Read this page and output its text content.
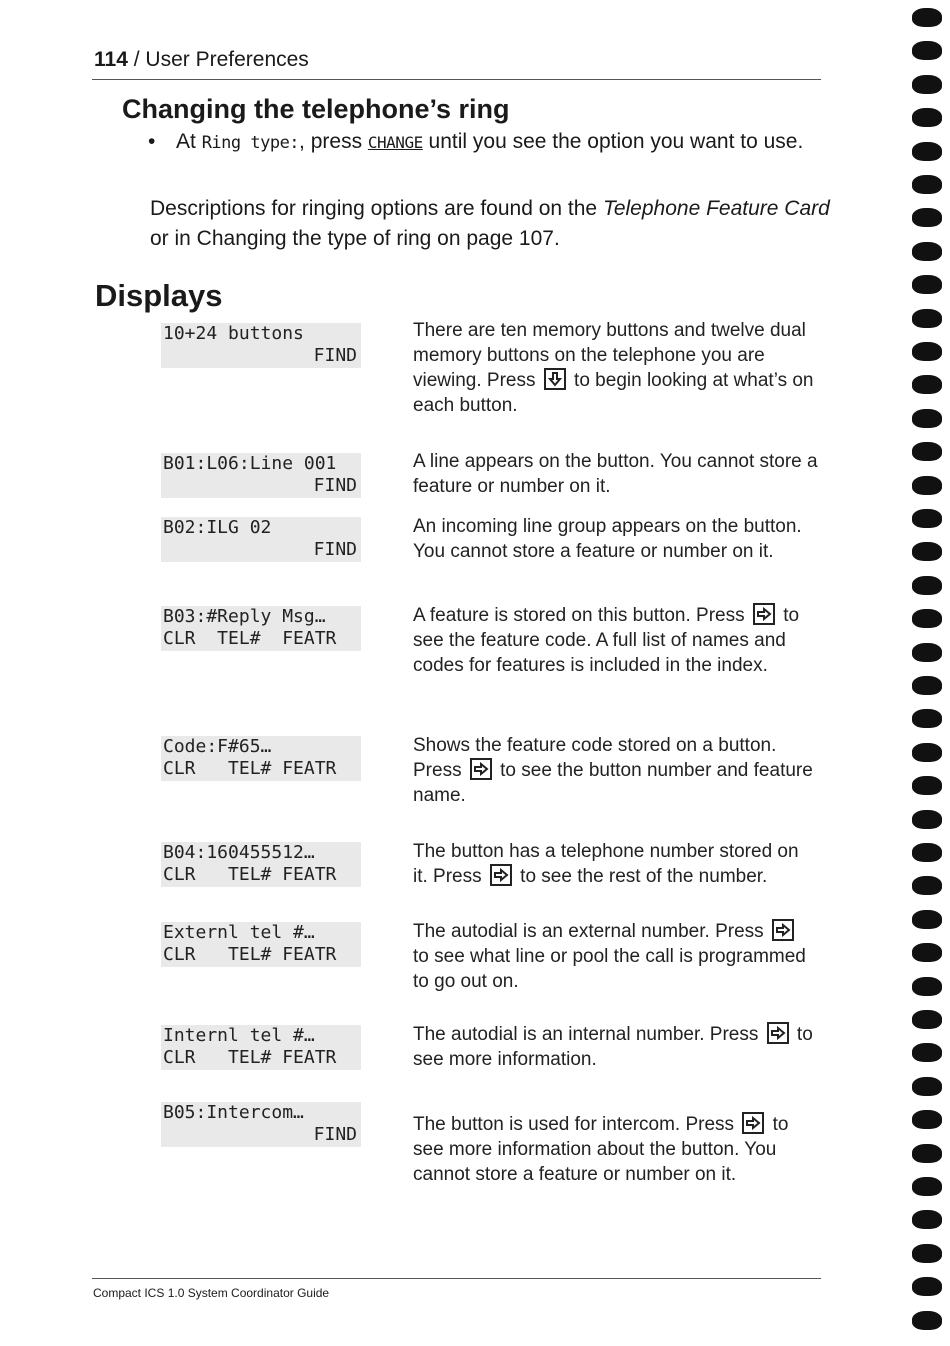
114 / User Preferences
Changing the telephone’s ring
• At Ring type:, press CHANGE until you see the option you want to use.
Descriptions for ringing options are found on the Telephone Feature Card or in Changing the type of ring on page 107.
Displays
10+24 buttons
FIND

There are ten memory buttons and twelve dual memory buttons on the telephone you are viewing. Press
to begin looking at what’s on each button.

B01:L06:Line 001
FIND

A line appears on the button. You cannot store a feature or number on it.

B02:ILG 02
FIND

An incoming line group appears on the button. You cannot store a feature or number on it.

B03:#Reply Msg…
CLR  TEL#  FEATR

A feature is stored on this button. Press
to see the feature code. A full list of names and codes for features is included in the index.

Code:F#65…
CLR   TEL# FEATR

Shows the feature code stored on a button. Press
to see the button number and feature name.

B04:160455512…
CLR   TEL# FEATR

The button has a telephone number stored on it. Press
to see the rest of the number.

Externl tel #…
CLR   TEL# FEATR

The autodial is an external number. Press
to see what line or pool the call is programmed to go out on.

Internl tel #…
CLR   TEL# FEATR

The autodial is an internal number. Press
to see more information.

B05:Intercom…
FIND	The button is used for intercom. Press
to see more information about the button. You cannot store a feature or number on it.

Compact ICS 1.0 System Coordinator Guide
